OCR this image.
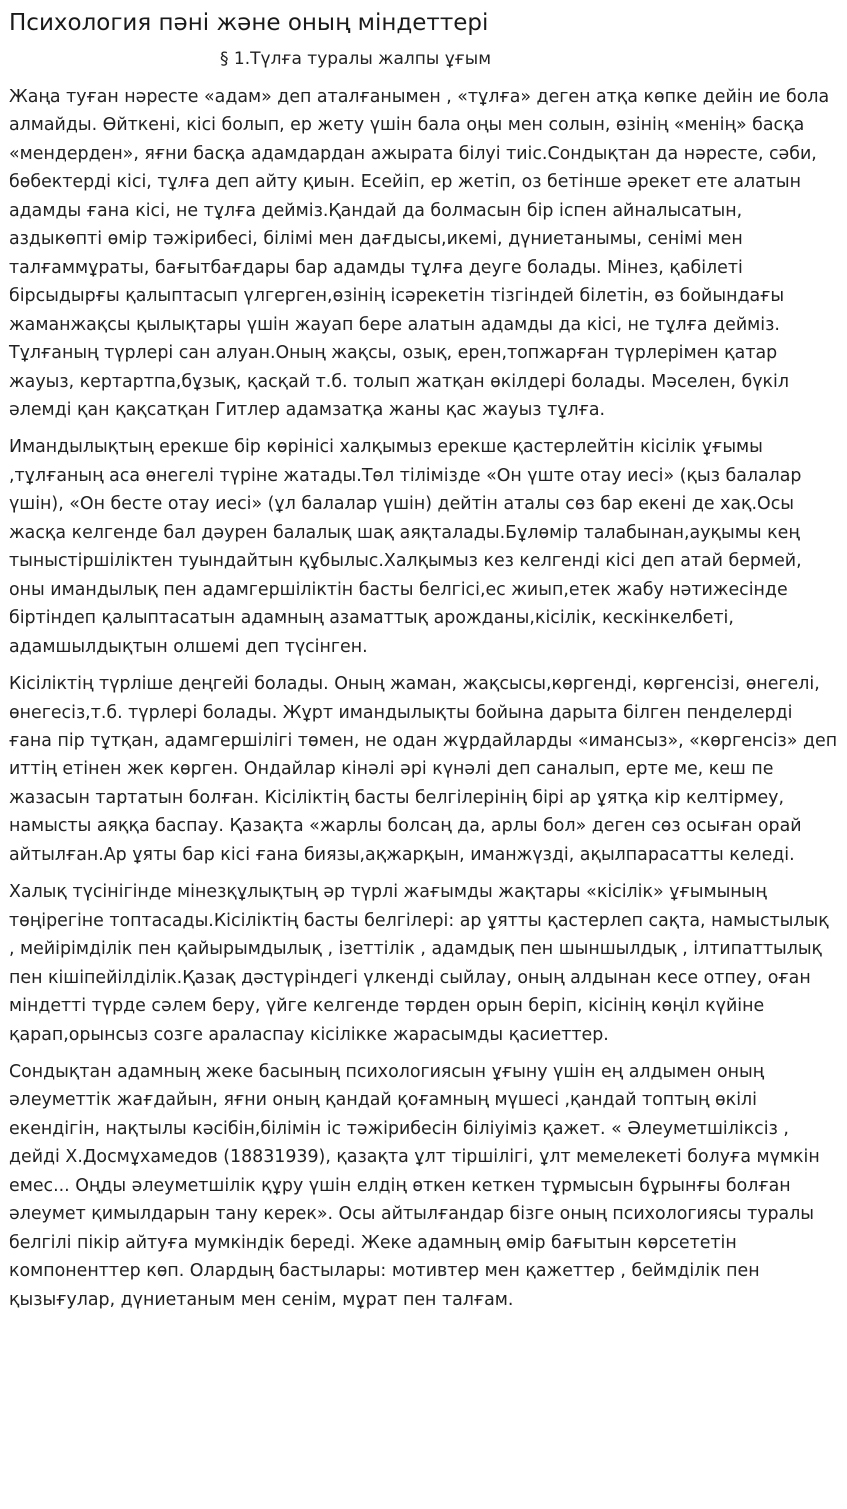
Психология пәні және оның міндеттері
§ 1.Түлға туралы жалпы ұғым

Жаңа туған нәресте «адам» деп аталғанымен , «тұлға» деген атқа көпке дейін ие бола алмайды. Өйткені, кісі болып, ер жету үшін бала оңы мен солын, өзінің «менің» басқа «мендерден», яғни басқа адамдардан ажырата білуі тиіс.Сондықтан да нәресте, сәби, бөбектерді кісі, тұлға деп айту қиын. Есейіп, ер жетіп, оз бетінше әрекет ете алатын адамды ғана кісі, не тұлға дейміз.Қандай да болмасын бір іспен айналысатын, аздыкөпті өмір тәжірибесі, білімі мен дағдысы,икемі, дүниетанымы, сенімі мен талғаммұраты, бағытбағдары бар адамды тұлға деуге болады. Мінез, қабілеті бірсыдырғы қалыптасып үлгерген,өзінің ісәрекетін тізгіндей білетін, өз бойындағы жаманжақсы қылықтары үшін жауап бере алатын адамды да кісі, не тұлға дейміз. Тұлғаның түрлері сан алуан.Оның жақсы, озық, ерен,топжарған түрлерімен қатар жауыз, кертартпа,бұзық, қасқай т.б. толып жатқан өкілдері болады. Мәселен, бүкіл әлемді қан қақсатқан Гитлер адамзатқа жаны қас жауыз тұлға.

Имандылықтың ерекше бір көрінісі халқымыз ерекше қастерлейтін кісілік ұғымы ,тұлғаның аса өнегелі түріне жатады.Төл тілімізде «Он үште отау иесі» (қыз балалар үшін), «Он бесте отау иесі» (ұл балалар үшін) дейтін аталы сөз бар екені де хақ.Осы жасқа келгенде бал дәурен балалық шақ аяқталады.Бұлөмір талабынан,ауқымы кең тыныстіршіліктен туындайтын құбылыс.Халқымыз кез келгенді кісі деп атай бермей, оны имандылық пен адамгершіліктін басты белгісі,ес жиып,етек жабу нәтижесінде біртіндеп қалыптасатын адамның азаматтық арожданы,кісілік, кескінкелбеті, адамшылдықтын олшемі деп түсінген.

Кісіліктің түрліше деңгейі болады. Оның жаман, жақсысы,көргенді, көргенсізі, өнегелі, өнегесіз,т.б. түрлері болады. Жұрт имандылықты бойына дарыта білген пенделерді ғана пір тұтқан, адамгершілігі төмен, не одан жұрдайларды «имансыз», «көргенсіз» деп иттің етінен жек көрген. Ондайлар кінәлі әрі күнәлі деп саналып, ерте ме, кеш пе жазасын тартатын болған. Кісіліктің басты белгілерінің бірі ар ұятқа кір келтірмеу, намысты аяққа баспау. Қазақта «жарлы болсаң да, арлы бол» деген сөз осыған орай айтылған.Ар ұяты бар кісі ғана биязы,ақжарқын, иманжүзді, ақылпарасатты келеді.

Халық түсінігінде мінезқұлықтың әр түрлі жағымды жақтары «кісілік» ұғымының төңірегіне топтасады.Кісіліктің басты белгілері: ар ұятты қастерлеп сақта, намыстылық , мейірімділік пен қайырымдылық , ізеттілік , адамдық пен шыншылдық , ілтипаттылық пен кішіпейілділік.Қазақ дәстүріндегі үлкенді сыйлау, оның алдынан кесе отпеу, оған міндетті түрде сәлем беру, үйге келгенде төрден орын беріп, кісінің көңіл күйіне қарап,орынсыз созге араласпау кісілікке жарасымды қасиеттер.

Сондықтан адамның жеке басының психологиясын ұғыну үшін ең алдымен оның әлеуметтік жағдайын, яғни оның қандай қоғамның мүшесі ,қандай топтың өкілі екендігін, нақтылы кәсібін,білімін іс тәжірибесін біліуіміз қажет. « Әлеуметшіліксіз , дейді Х.Досмұхамедов (18831939), қазақта ұлт тіршілігі, ұлт мемелекеті болуға мүмкін емес... Оңды әлеуметшілік құру үшін елдің өткен кеткен тұрмысын бұрынғы болған әлеумет қимылдарын тану керек». Осы айтылғандар бізге оның психологиясы туралы белгілі пікір айтуға мумкіндік береді. Жеке адамның өмір бағытын көрсететін компоненттер көп. Олардың бастылары: мотивтер мен қажеттер , беймділік пен қызығулар, дүниетаным мен сенім, мұрат пен талғам.
